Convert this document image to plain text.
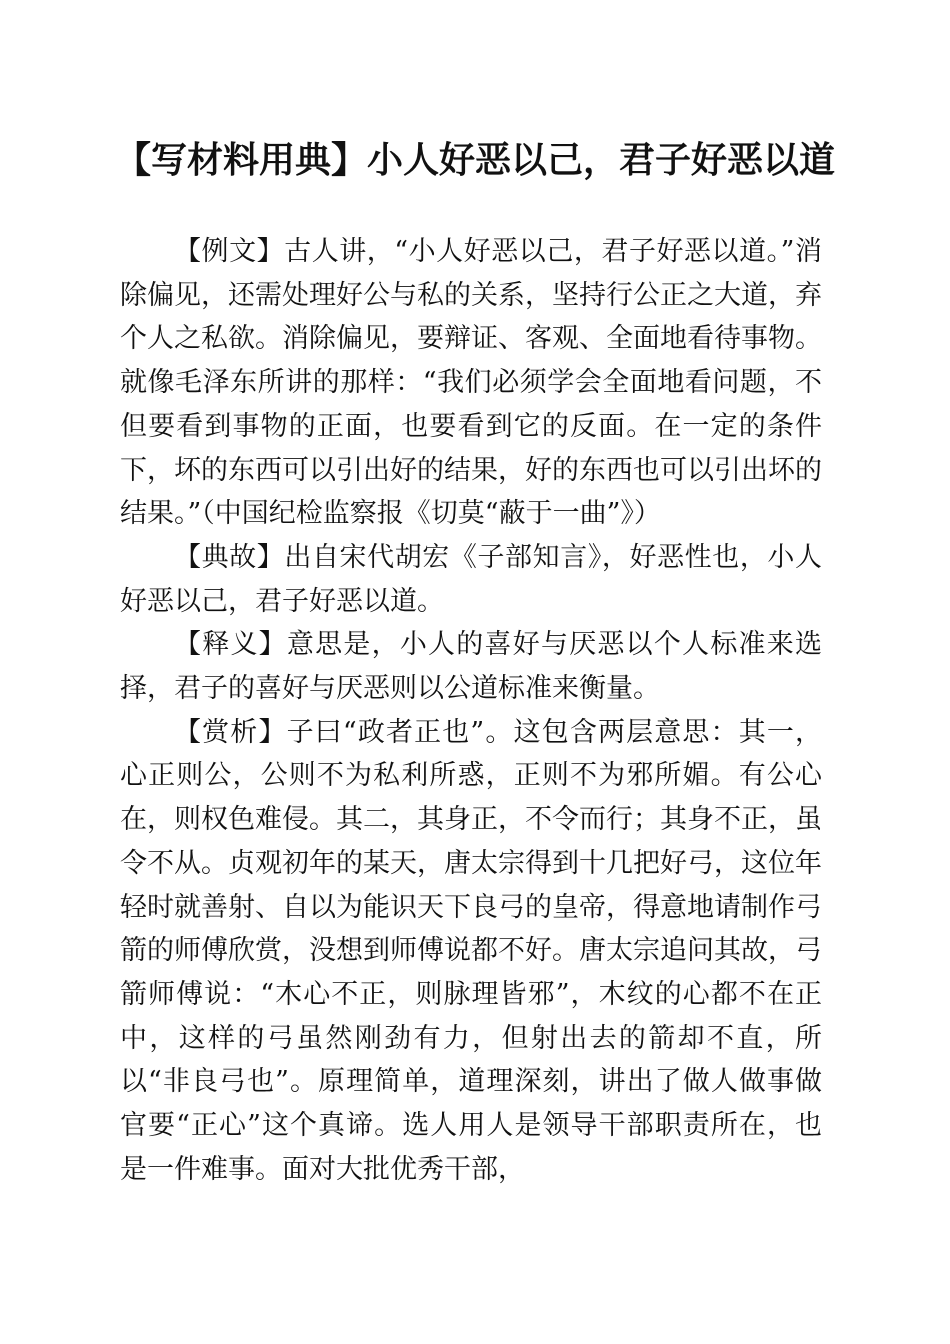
【写材料用典】小人好恶以己，君子好恶以道

【例文】古人讲，“小人好恶以己，君子好恶以道。”消除偏见，还需处理好公与私的关系，坚持行公正之大道，弃个人之私欲。消除偏见，要辩证、客观、全面地看待事物。就像毛泽东所讲的那样：“我们必须学会全面地看问题，不但要看到事物的正面，也要看到它的反面。在一定的条件下，坏的东西可以引出好的结果，好的东西也可以引出坏的结果。”（中国纪检监察报《切莫“蔽于一曲”》）

【典故】出自宋代胡宏《子部知言》，好恶性也，小人好恶以己，君子好恶以道。

【释义】意思是，小人的喜好与厌恶以个人标准来选择，君子的喜好与厌恶则以公道标准来衡量。

【赏析】子曰“政者正也”。这包含两层意思：其一，心正则公，公则不为私利所惑，正则不为邪所媚。有公心在，则权色难侵。其二，其身正，不令而行；其身不正，虽令不从。贞观初年的某天，唐太宗得到十几把好弓，这位年轻时就善射、自以为能识天下良弓的皇帝，得意地请制作弓箭的师傅欣赏，没想到师傅说都不好。唐太宗追问其故，弓箭师傅说：“木心不正，则脉理皆邪”，木纹的心都不在正中，这样的弓虽然刚劲有力，但射出去的箭却不直，所以“非良弓也”。原理简单，道理深刻，讲出了做人做事做官要“正心”这个真谛。选人用人是领导干部职责所在，也是一件难事。面对大批优秀干部，
